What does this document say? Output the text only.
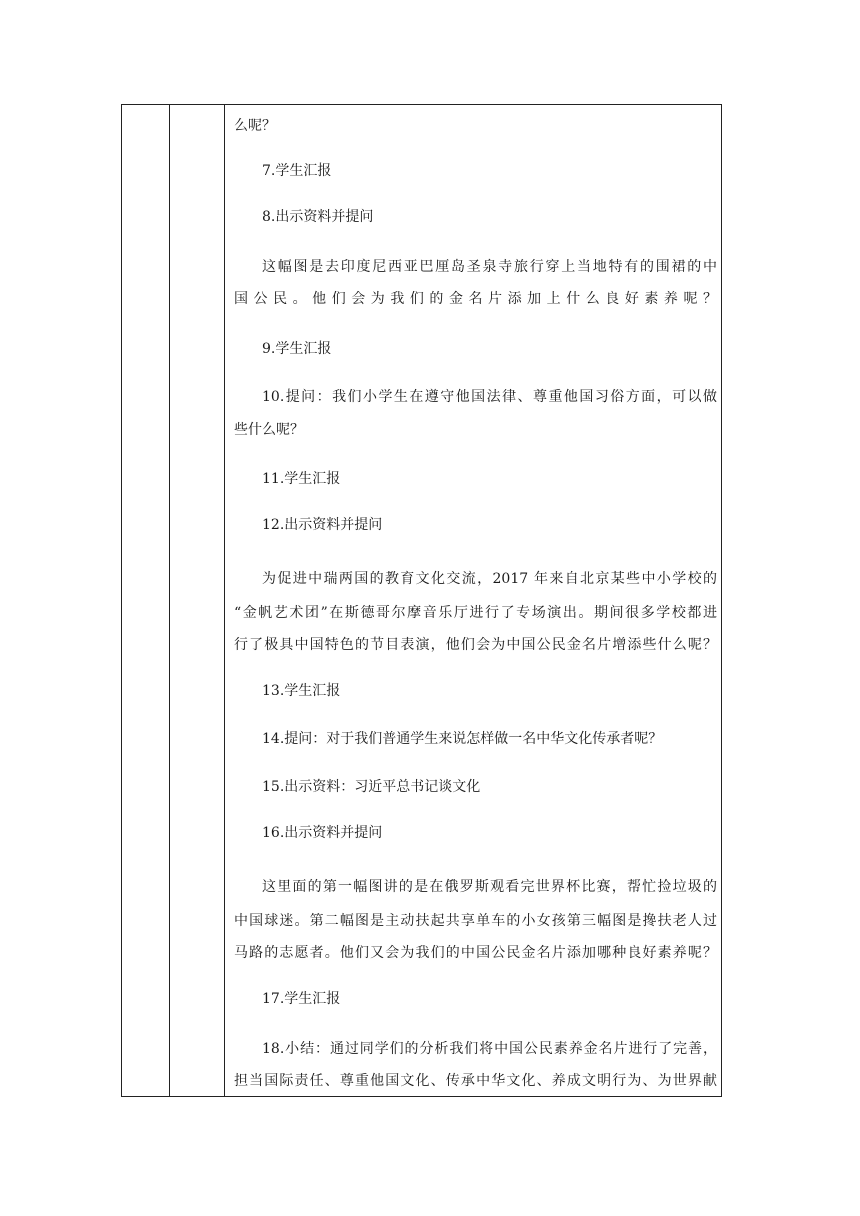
么呢？
7.学生汇报
8.出示资料并提问
这幅图是去印度尼西亚巴厘岛圣泉寺旅行穿上当地特有的围裙的中
国公民。他们会为我们的金名片添加上什么良好素养呢？
9.学生汇报
10.提问：我们小学生在遵守他国法律、尊重他国习俗方面，可以做
些什么呢？
11.学生汇报
12.出示资料并提问
为促进中瑞两国的教育文化交流，2017 年来自北京某些中小学校的
“金帆艺术团”在斯德哥尔摩音乐厅进行了专场演出。期间很多学校都进
行了极具中国特色的节目表演，他们会为中国公民金名片增添些什么呢？
13.学生汇报
14.提问：对于我们普通学生来说怎样做一名中华文化传承者呢？
15.出示资料：习近平总书记谈文化
16.出示资料并提问
这里面的第一幅图讲的是在俄罗斯观看完世界杯比赛，帮忙捡垃圾的
中国球迷。第二幅图是主动扶起共享单车的小女孩第三幅图是搀扶老人过
马路的志愿者。他们又会为我们的中国公民金名片添加哪种良好素养呢？
17.学生汇报
18.小结：通过同学们的分析我们将中国公民素养金名片进行了完善，
担当国际责任、尊重他国文化、传承中华文化、养成文明行为、为世界献
